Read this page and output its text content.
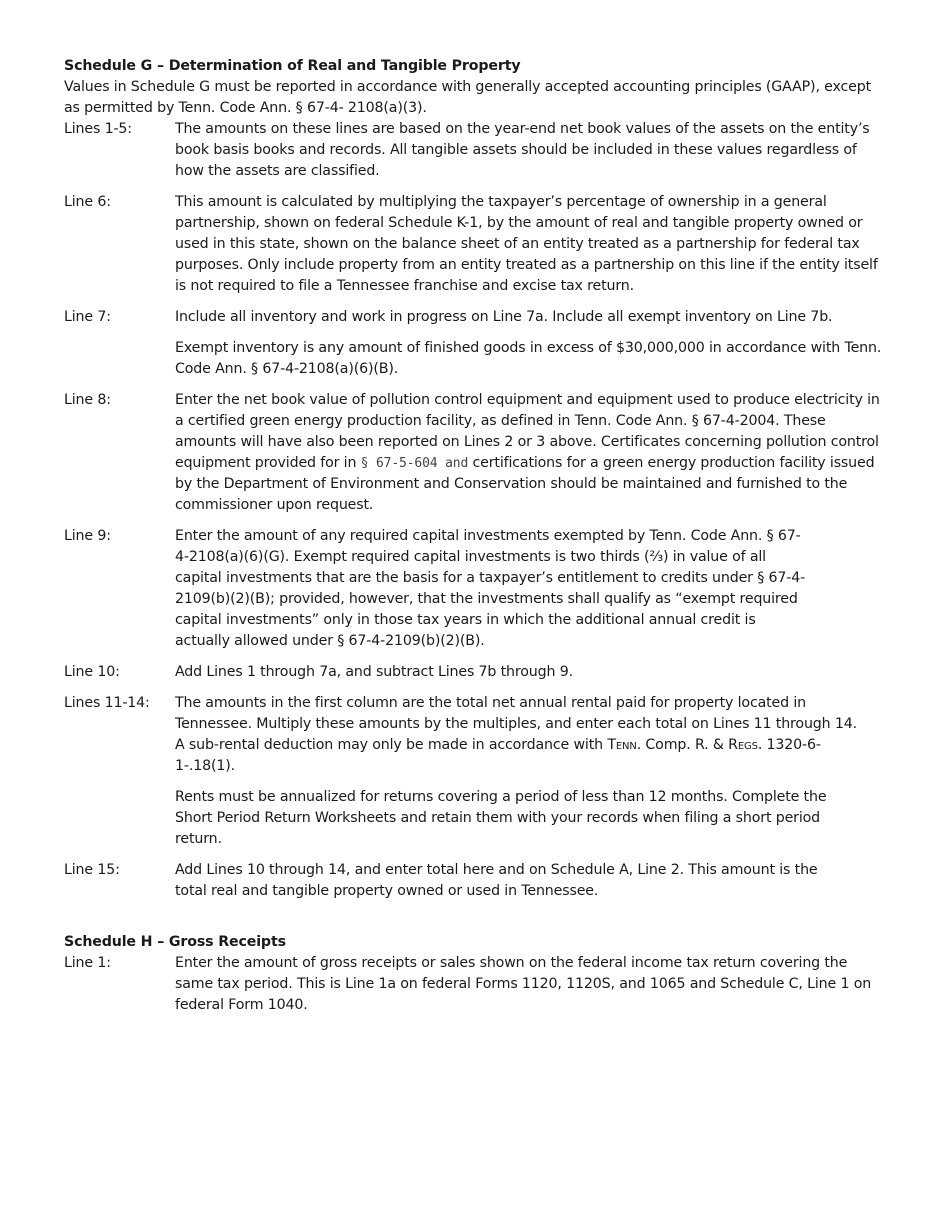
Schedule G – Determination of Real and Tangible Property

Values in Schedule G must be reported in accordance with generally accepted accounting principles (GAAP), except as permitted by Tenn. Code Ann. § 67-4- 2108(a)(3).

Lines 1-5:	The amounts on these lines are based on the year-end net book values of the assets on the entity’s book basis books and records. All tangible assets should be included in these values regardless of how the assets are classified.

Line 6:	This amount is calculated by multiplying the taxpayer’s percentage of ownership in a general partnership, shown on federal Schedule K-1, by the amount of real and tangible property owned or used in this state, shown on the balance sheet of an entity treated as a partnership for federal tax purposes. Only include property from an entity treated as a partnership on this line if the entity itself is not required to file a Tennessee franchise and excise tax return.

Line 7:	Include all inventory and work in progress on Line 7a. Include all exempt inventory on Line 7b.

Exempt inventory is any amount of finished goods in excess of $30,000,000 in accordance with Tenn. Code Ann. § 67-4-2108(a)(6)(B).

Line 8:	Enter the net book value of pollution control equipment and equipment used to produce electricity in a certified green energy production facility, as defined in Tenn. Code Ann. § 67-4-2004. These amounts will have also been reported on Lines 2 or 3 above. Certificates concerning pollution control equipment provided for in § 67-5-604 and certifications for a green energy production facility issued by the Department of Environment and Conservation should be maintained and furnished to the commissioner upon request.

Line 9:	Enter the amount of any required capital investments exempted by Tenn. Code Ann. § 67-4-2108(a)(6)(G). Exempt required capital investments is two thirds (⅔) in value of all capital investments that are the basis for a taxpayer’s entitlement to credits under § 67-4-2109(b)(2)(B); provided, however, that the investments shall qualify as “exempt required capital investments” only in those tax years in which the additional annual credit is actually allowed under § 67-4-2109(b)(2)(B).

Line 10:	Add Lines 1 through 7a, and subtract Lines 7b through 9.

Lines 11-14:	The amounts in the first column are the total net annual rental paid for property located in Tennessee. Multiply these amounts by the multiples, and enter each total on Lines 11 through 14. A sub-rental deduction may only be made in accordance with Tenn. Comp. R. & Regs. 1320-6-1-.18(1).

Rents must be annualized for returns covering a period of less than 12 months. Complete the Short Period Return Worksheets and retain them with your records when filing a short period return.

Line 15:	Add Lines 10 through 14, and enter total here and on Schedule A, Line 2. This amount is the total real and tangible property owned or used in Tennessee.

Schedule H – Gross Receipts

Line 1:	Enter the amount of gross receipts or sales shown on the federal income tax return covering the same tax period. This is Line 1a on federal Forms 1120, 1120S, and 1065 and Schedule C, Line 1 on federal Form 1040.
